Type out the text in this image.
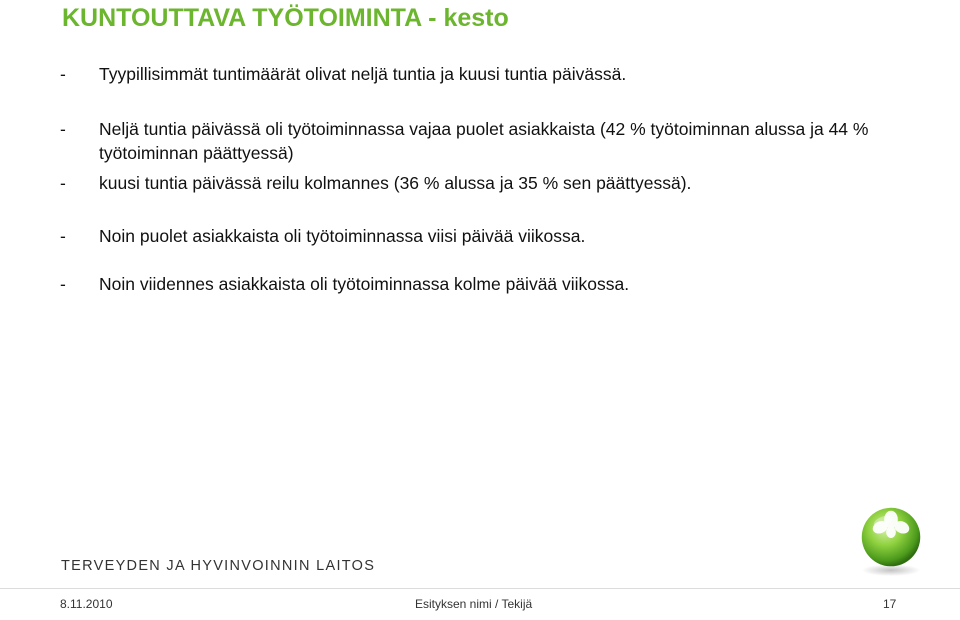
KUNTOUTTAVA TYÖTOIMINTA - kesto
- Tyypillisimmät tuntimäärät olivat neljä tuntia ja kuusi tuntia päivässä.
- Neljä tuntia päivässä oli työtoiminnassa vajaa puolet asiakkaista (42 % työtoiminnan alussa ja 44 % työtoiminnan päättyessä)
- kuusi tuntia päivässä reilu kolmannes (36 % alussa ja 35 % sen päättyessä).
- Noin puolet asiakkaista oli työtoiminnassa viisi päivää viikossa.
- Noin viidennes asiakkaista oli työtoiminnassa kolme päivää viikossa.
TERVEYDEN JA HYVINVOINNIN LAITOS
8.11.2010	Esityksen nimi / Tekijä	17
